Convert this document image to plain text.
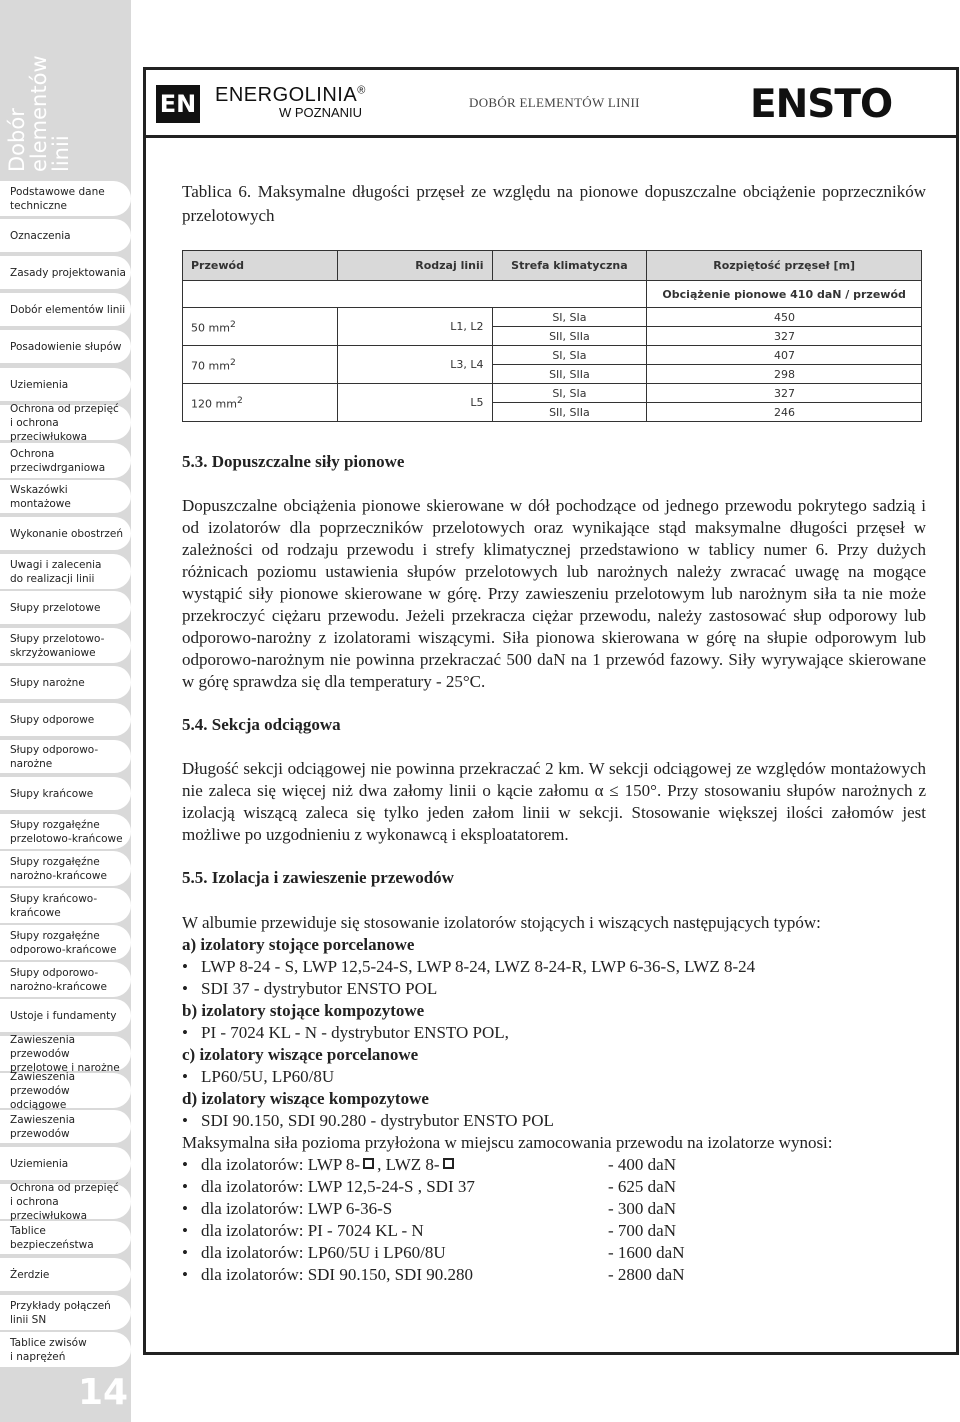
Dobór
elementów
linii
Podstawowe dane
techniczne
Oznaczenia
Zasady projektowania
Dobór elementów linii
Posadowienie słupów
Uziemienia
Ochrona od przepięć
i ochrona przeciwłukowa
Ochrona
przeciwdrganiowa
Wskazówki montażowe
Wykonanie obostrzeń
Uwagi i zalecenia
do realizacji linii
Słupy przelotowe
Słupy przelotowo-
skrzyżowaniowe
Słupy narożne
Słupy odporowe
Słupy odporowo-narożne
Słupy krańcowe
Słupy rozgałęźne
przelotowo-krańcowe
Słupy rozgałęźne
narożno-krańcowe
Słupy krańcowo-
krańcowe
Słupy rozgałęźne
odporowo-krańcowe
Słupy odporowo-
narożno-krańcowe
Ustoje i fundamenty
Zawieszenia przewodów
przelotowe i narożne
Zawieszenia przewodów
odciągowe
Zawieszenia przewodów
Uziemienia
Ochrona od przepięć
i ochrona przeciwłukowa
Tablice bezpieczeństwa
Żerdzie
Przykłady połączeń
linii SN
Tablice zwisów
i naprężeń
14
EN ENERGOLINIA®
W POZNANIU
DOBÓR ELEMENTÓW LINII	ENSTO
Tablica 6. Maksymalne długości przęseł ze względu na pionowe dopuszczalne obciążenie poprzeczników przelotowych
Przewód	Rodzaj linii	Strefa klimatyczna	Rozpiętość przęseł [m]
			Obciążenie pionowe 410 daN / przewód
50 $mm^2$	L1, L2	SI, SIa	450
		SII, SIIa	327
70 $mm^2$	L3, L4	SI, SIa	407
		SII, SIIa	298
120 $mm^2$	L5	SI, SIa	327
		SII, SIIa	246
5.3. Dopuszczalne siły pionowe
Dopuszczalne obciążenia pionowe skierowane w dół pochodzące od jednego przewodu pokrytego sadzią i od izolatorów dla poprzeczników przelotowych oraz wynikające stąd maksymalne długości przęseł w zależności od rodzaju przewodu i strefy klimatycznej przedstawiono w tablicy numer 6. Przy dużych różnicach poziomu ustawienia słupów przelotowych lub narożnych należy zwracać uwagę na mogące wystąpić siły pionowe skierowane w górę. Przy zawieszeniu przelotowym lub narożnym siła ta nie może przekroczyć ciężaru przewodu. Jeżeli przekracza ciężar przewodu, należy zastosować słup odporowy lub odporowo-narożny z izolatorami wiszącymi. Siła pionowa skierowana w górę na słupie odporowym lub odporowo-narożnym nie powinna przekraczać 500 daN na 1 przewód fazowy. Siły wyrywające skierowane w górę sprawdza się dla temperatury - 25°C.
5.4. Sekcja odciągowa
Długość sekcji odciągowej nie powinna przekraczać 2 km. W sekcji odciągowej ze względów montażowych nie zaleca się więcej niż dwa załomy linii o kącie załomu α ≤ 150°. Przy stosowaniu słupów narożnych z izolacją wiszącą zaleca się tylko jeden załom linii w sekcji. Stosowanie większej ilości załomów jest możliwe po uzgodnieniu z wykonawcą i eksploatatorem.
5.5. Izolacja i zawieszenie przewodów
W albumie przewiduje się stosowanie izolatorów stojących i wiszących następujących typów:
a) izolatory stojące porcelanowe
• LWP 8-24 - S, LWP 12,5-24-S, LWP 8-24, LWZ 8-24-R, LWP 6-36-S, LWZ 8-24
• SDI 37 - dystrybutor ENSTO POL
b) izolatory stojące kompozytowe
• PI - 7024 KL - N - dystrybutor ENSTO POL,
c) izolatory wiszące porcelanowe
• LP60/5U, LP60/8U
d) izolatory wiszące kompozytowe
• SDI 90.150, SDI 90.280 - dystrybutor ENSTO POL
Maksymalna siła pozioma przyłożona w miejscu zamocowania przewodu na izolatorze wynosi:
• dla izolatorów: LWP 8- , LWZ 8-	- 400 daN
• dla izolatorów: LWP 12,5-24-S , SDI 37	- 625 daN
• dla izolatorów: LWP 6-36-S	- 300 daN
• dla izolatorów: PI - 7024 KL - N	- 700 daN
• dla izolatorów: LP60/5U i LP60/8U	- 1600 daN
• dla izolatorów: SDI 90.150, SDI 90.280	- 2800 daN
